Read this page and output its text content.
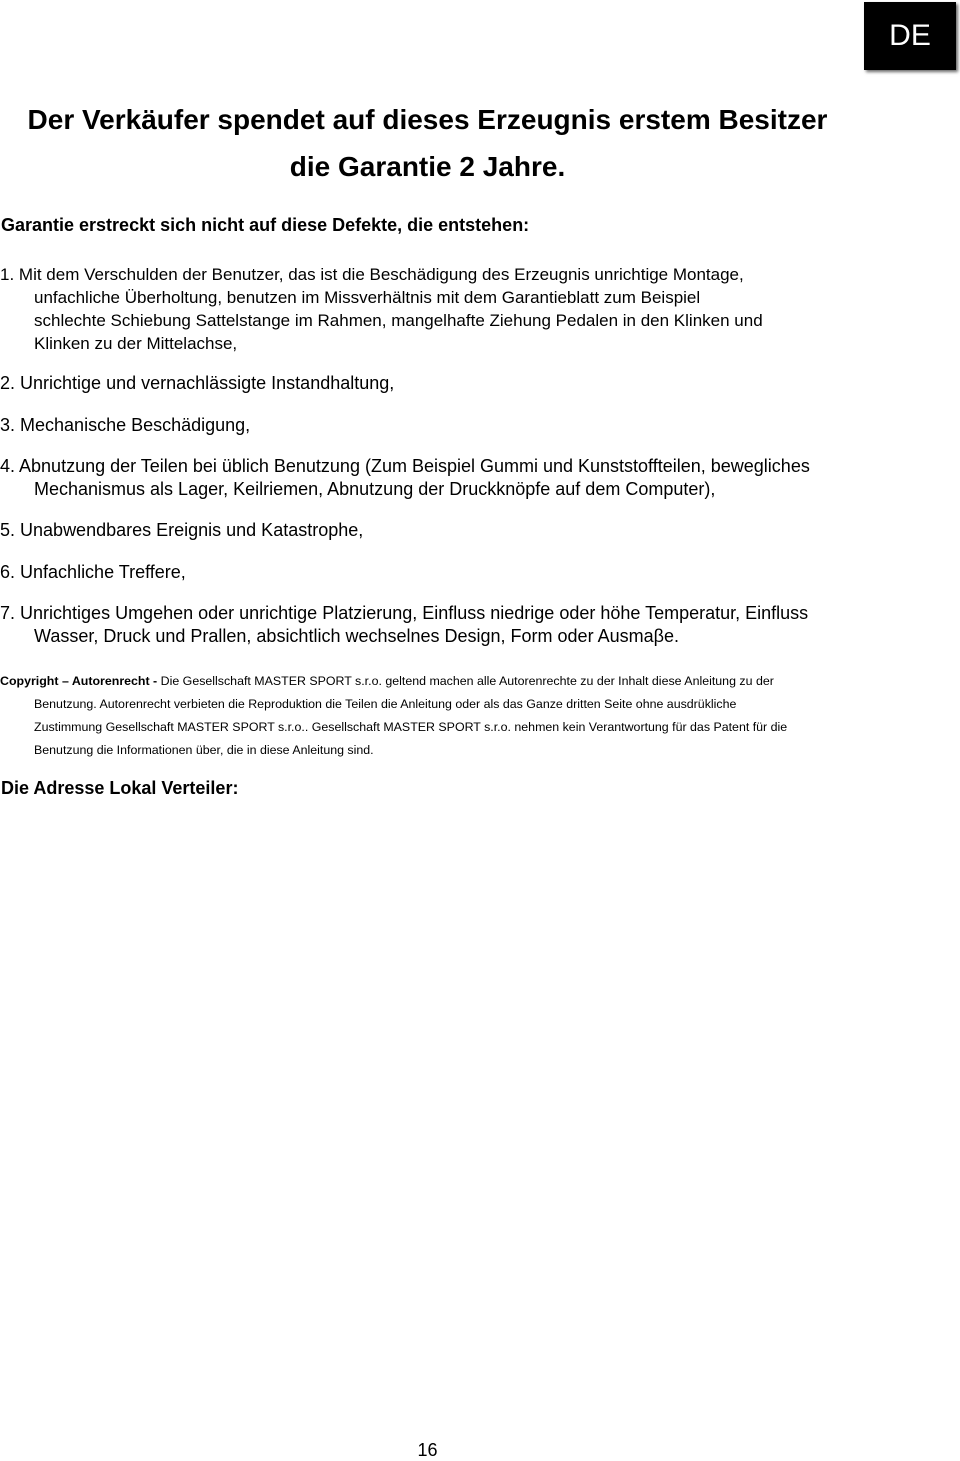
DE
Der Verkäufer spendet auf dieses Erzeugnis erstem Besitzer
die Garantie 2 Jahre.
Garantie erstreckt sich nicht auf diese Defekte, die entstehen:
1. Mit dem Verschulden der Benutzer, das ist die Beschädigung des Erzeugnis unrichtige Montage,
unfachliche Überholtung, benutzen im Missverhältnis mit dem Garantieblatt zum Beispiel
schlechte Schiebung Sattelstange im Rahmen, mangelhafte Ziehung Pedalen in den Klinken und
Klinken zu der Mittelachse,
2. Unrichtige und vernachlässigte Instandhaltung,
3. Mechanische Beschädigung,
4. Abnutzung der Teilen bei üblich Benutzung (Zum Beispiel Gummi und Kunststoffteilen, bewegliches
Mechanismus als Lager, Keilriemen, Abnutzung der Druckknöpfe auf dem Computer),
5. Unabwendbares Ereignis und Katastrophe,
6. Unfachliche Treffere,
7. Unrichtiges Umgehen oder unrichtige Platzierung, Einfluss niedrige oder höhe Temperatur, Einfluss
Wasser, Druck und Prallen, absichtlich wechselnes Design, Form oder Ausmaβe.
Copyright – Autorenrecht - Die Gesellschaft MASTER SPORT s.r.o. geltend machen alle Autorenrechte zu der Inhalt diese Anleitung zu der
Benutzung. Autorenrecht verbieten die Reproduktion die Teilen die Anleitung oder als das Ganze dritten Seite ohne ausdrükliche
Zustimmung Gesellschaft MASTER SPORT s.r.o.. Gesellschaft MASTER SPORT s.r.o. nehmen kein Verantwortung für das Patent für die
Benutzung die Informationen über, die in diese Anleitung sind.
Die Adresse Lokal Verteiler:
16
